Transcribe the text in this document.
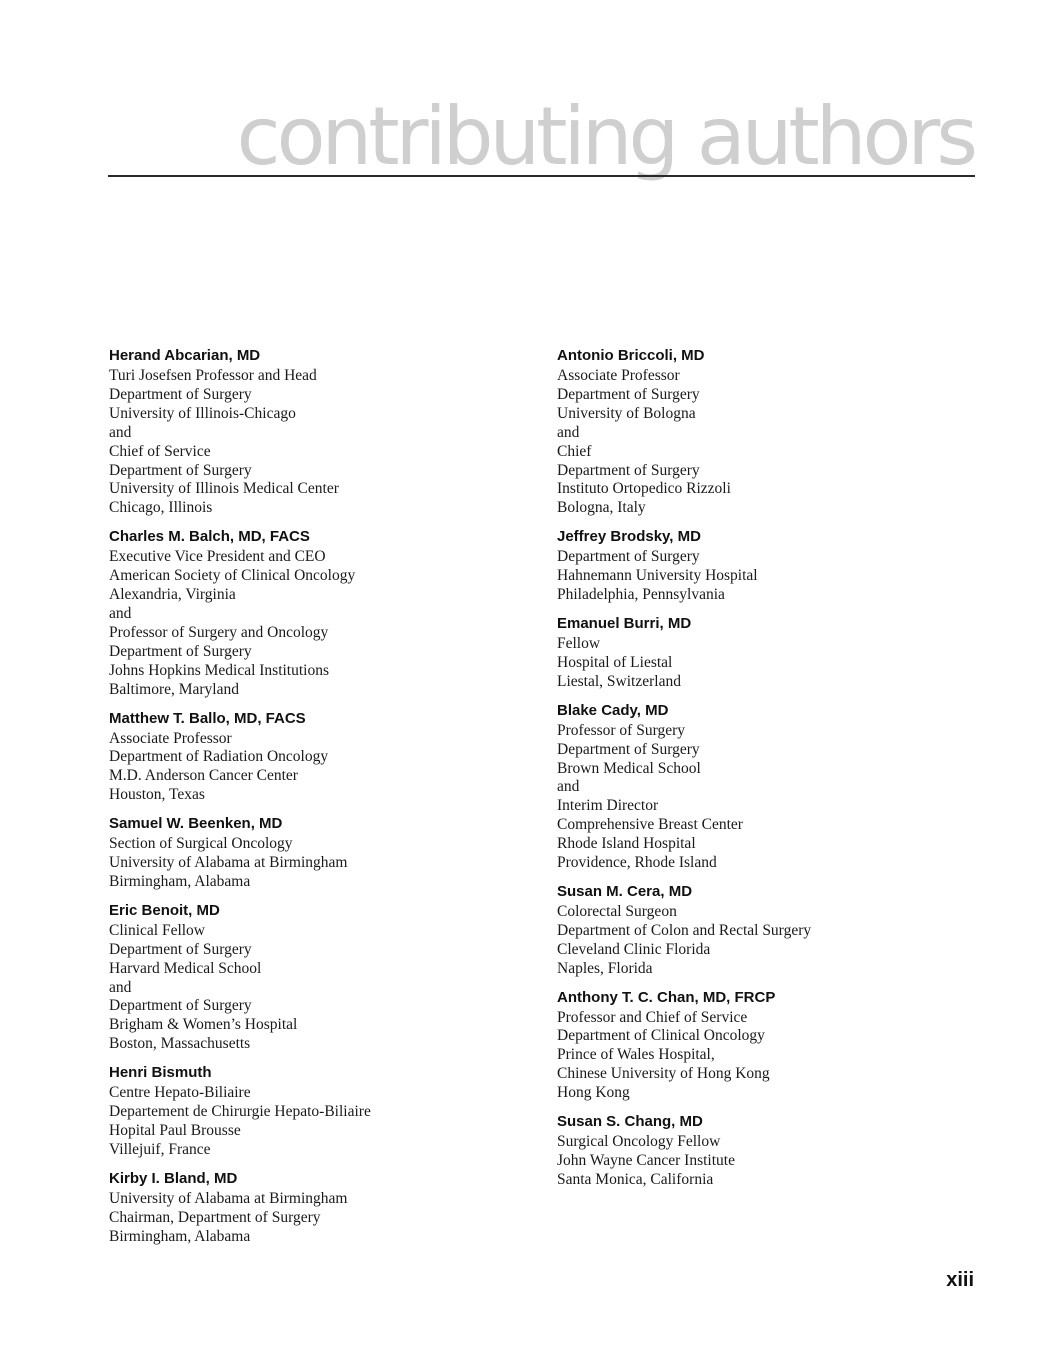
contributing authors
Herand Abcarian, MD
Turi Josefsen Professor and Head
Department of Surgery
University of Illinois-Chicago
and
Chief of Service
Department of Surgery
University of Illinois Medical Center
Chicago, Illinois
Charles M. Balch, MD, FACS
Executive Vice President and CEO
American Society of Clinical Oncology
Alexandria, Virginia
and
Professor of Surgery and Oncology
Department of Surgery
Johns Hopkins Medical Institutions
Baltimore, Maryland
Matthew T. Ballo, MD, FACS
Associate Professor
Department of Radiation Oncology
M.D. Anderson Cancer Center
Houston, Texas
Samuel W. Beenken, MD
Section of Surgical Oncology
University of Alabama at Birmingham
Birmingham, Alabama
Eric Benoit, MD
Clinical Fellow
Department of Surgery
Harvard Medical School
and
Department of Surgery
Brigham & Women’s Hospital
Boston, Massachusetts
Henri Bismuth
Centre Hepato-Biliaire
Departement de Chirurgie Hepato-Biliaire
Hopital Paul Brousse
Villejuif, France
Kirby I. Bland, MD
University of Alabama at Birmingham
Chairman, Department of Surgery
Birmingham, Alabama
Antonio Briccoli, MD
Associate Professor
Department of Surgery
University of Bologna
and
Chief
Department of Surgery
Instituto Ortopedico Rizzoli
Bologna, Italy
Jeffrey Brodsky, MD
Department of Surgery
Hahnemann University Hospital
Philadelphia, Pennsylvania
Emanuel Burri, MD
Fellow
Hospital of Liestal
Liestal, Switzerland
Blake Cady, MD
Professor of Surgery
Department of Surgery
Brown Medical School
and
Interim Director
Comprehensive Breast Center
Rhode Island Hospital
Providence, Rhode Island
Susan M. Cera, MD
Colorectal Surgeon
Department of Colon and Rectal Surgery
Cleveland Clinic Florida
Naples, Florida
Anthony T. C. Chan, MD, FRCP
Professor and Chief of Service
Department of Clinical Oncology
Prince of Wales Hospital,
Chinese University of Hong Kong
Hong Kong
Susan S. Chang, MD
Surgical Oncology Fellow
John Wayne Cancer Institute
Santa Monica, California
xiii
